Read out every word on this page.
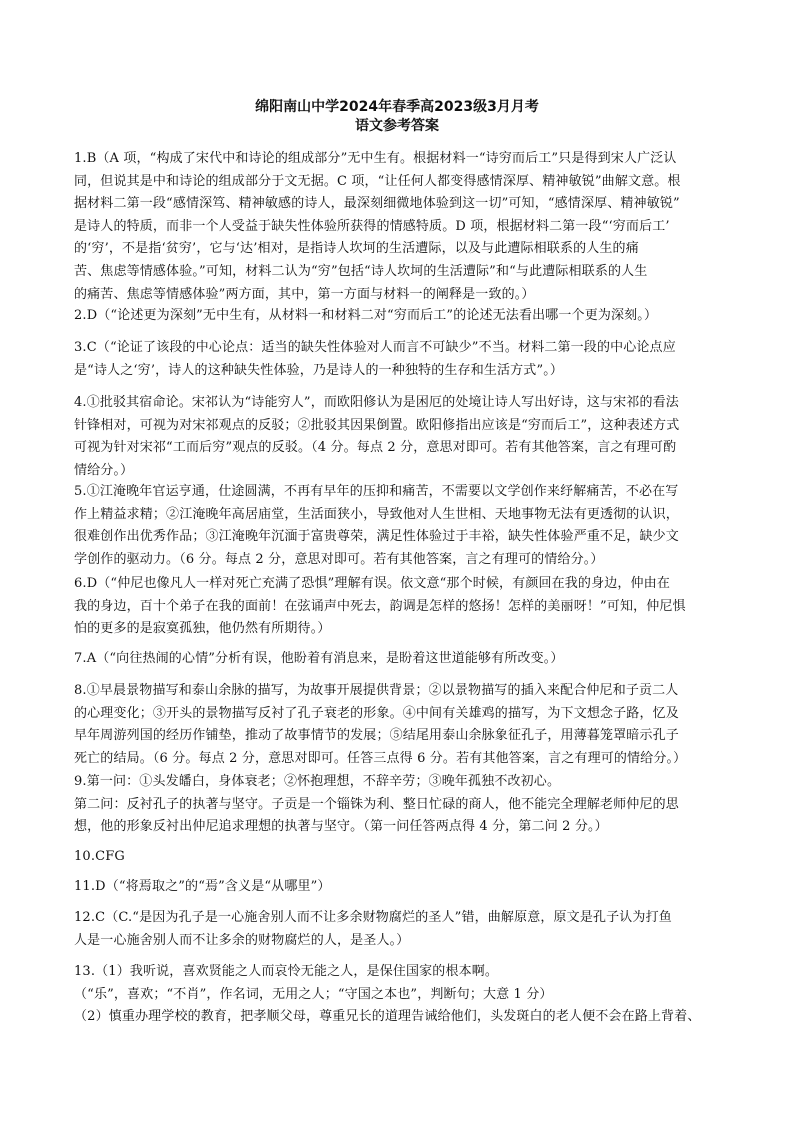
绵阳南山中学2024年春季高2023级3月月考
语文参考答案
1.B（A 项，“构成了宋代中和诗论的组成部分”无中生有。根据材料一“诗穷而后工”只是得到宋人广泛认
同，但说其是中和诗论的组成部分于文无据。C 项，“让任何人都变得感情深厚、精神敏锐”曲解文意。根
据材料二第一段“感情深笃、精神敏感的诗人，最深刻细微地体验到这一切”可知，“感情深厚、精神敏锐”
是诗人的特质，而非一个人受益于缺失性体验所获得的情感特质。D 项，根据材料二第一段“‘穷而后工’
的‘穷’，不是指‘贫穷’，它与‘达’相对，是指诗人坎坷的生活遭际，以及与此遭际相联系的人生的痛
苦、焦虑等情感体验。”可知，材料二认为“穷”包括“诗人坎坷的生活遭际”和“与此遭际相联系的人生
的痛苦、焦虑等情感体验”两方面，其中，第一方面与材料一的阐释是一致的。）
2.D（“论述更为深刻”无中生有，从材料一和材料二对“穷而后工”的论述无法看出哪一个更为深刻。）
3.C（“论证了该段的中心论点：适当的缺失性体验对人而言不可缺少”不当。材料二第一段的中心论点应
是“诗人之‘穷’，诗人的这种缺失性体验，乃是诗人的一种独特的生存和生活方式”。）
4.①批驳其宿命论。宋祁认为“诗能穷人”，而欧阳修认为是困厄的处境让诗人写出好诗，这与宋祁的看法
针锋相对，可视为对宋祁观点的反驳；②批驳其因果倒置。欧阳修指出应该是“穷而后工”，这种表述方式
可视为针对宋祁“工而后穷”观点的反驳。（4 分。每点 2 分，意思对即可。若有其他答案，言之有理可酌
情给分。）
5.①江淹晚年官运亨通，仕途圆满，不再有早年的压抑和痛苦，不需要以文学创作来纾解痛苦，不必在写
作上精益求精；②江淹晚年高居庙堂，生活面狭小，导致他对人生世相、天地事物无法有更透彻的认识，
很难创作出优秀作品；③江淹晚年沉湎于富贵尊荣，满足性体验过于丰裕，缺失性体验严重不足，缺少文
学创作的驱动力。（6 分。每点 2 分，意思对即可。若有其他答案，言之有理可的情给分。）
6.D（“仲尼也像凡人一样对死亡充满了恐惧”理解有误。依文意“那个时候，有颜回在我的身边，仲由在
我的身边，百十个弟子在我的面前！在弦诵声中死去，韵调是怎样的悠扬！怎样的美丽呀！”可知，仲尼惧
怕的更多的是寂寞孤独，他仍然有所期待。）
7.A（“向往热闹的心情”分析有误，他盼着有消息来，是盼着这世道能够有所改变。）
8.①早晨景物描写和泰山余脉的描写，为故事开展提供背景；②以景物描写的插入来配合仲尼和子贡二人
的心理变化；③开头的景物描写反衬了孔子衰老的形象。④中间有关雄鸡的描写，为下文想念子路，忆及
早年周游列国的经历作铺垫，推动了故事情节的发展；⑤结尾用泰山余脉象征孔子，用薄暮笼罩暗示孔子
死亡的结局。（6 分。每点 2 分，意思对即可。任答三点得 6 分。若有其他答案，言之有理可的情给分。）
9.第一问：①头发皤白，身体衰老；②怀抱理想，不辞辛劳；③晚年孤独不改初心。
第二问：反衬孔子的执著与坚守。子贡是一个锱铢为利、整日忙碌的商人，他不能完全理解老师仲尼的思
想，他的形象反衬出仲尼追求理想的执著与坚守。（第一问任答两点得 4 分，第二问 2 分。）
10.CFG
11.D（“将焉取之”的“焉”含义是“从哪里”）
12.C（C.“是因为孔子是一心施舍别人而不让多余财物腐烂的圣人”错，曲解原意，原文是孔子认为打鱼
人是一心施舍别人而不让多余的财物腐烂的人，是圣人。）
13.（1）我听说，喜欢贤能之人而哀怜无能之人，是保住国家的根本啊。
（“乐”，喜欢；“不肖”，作名词，无用之人；“守国之本也”，判断句；大意 1 分）
（2）慎重办理学校的教育，把孝顺父母，尊重兄长的道理告诫给他们，头发斑白的老人便不会在路上背着、
